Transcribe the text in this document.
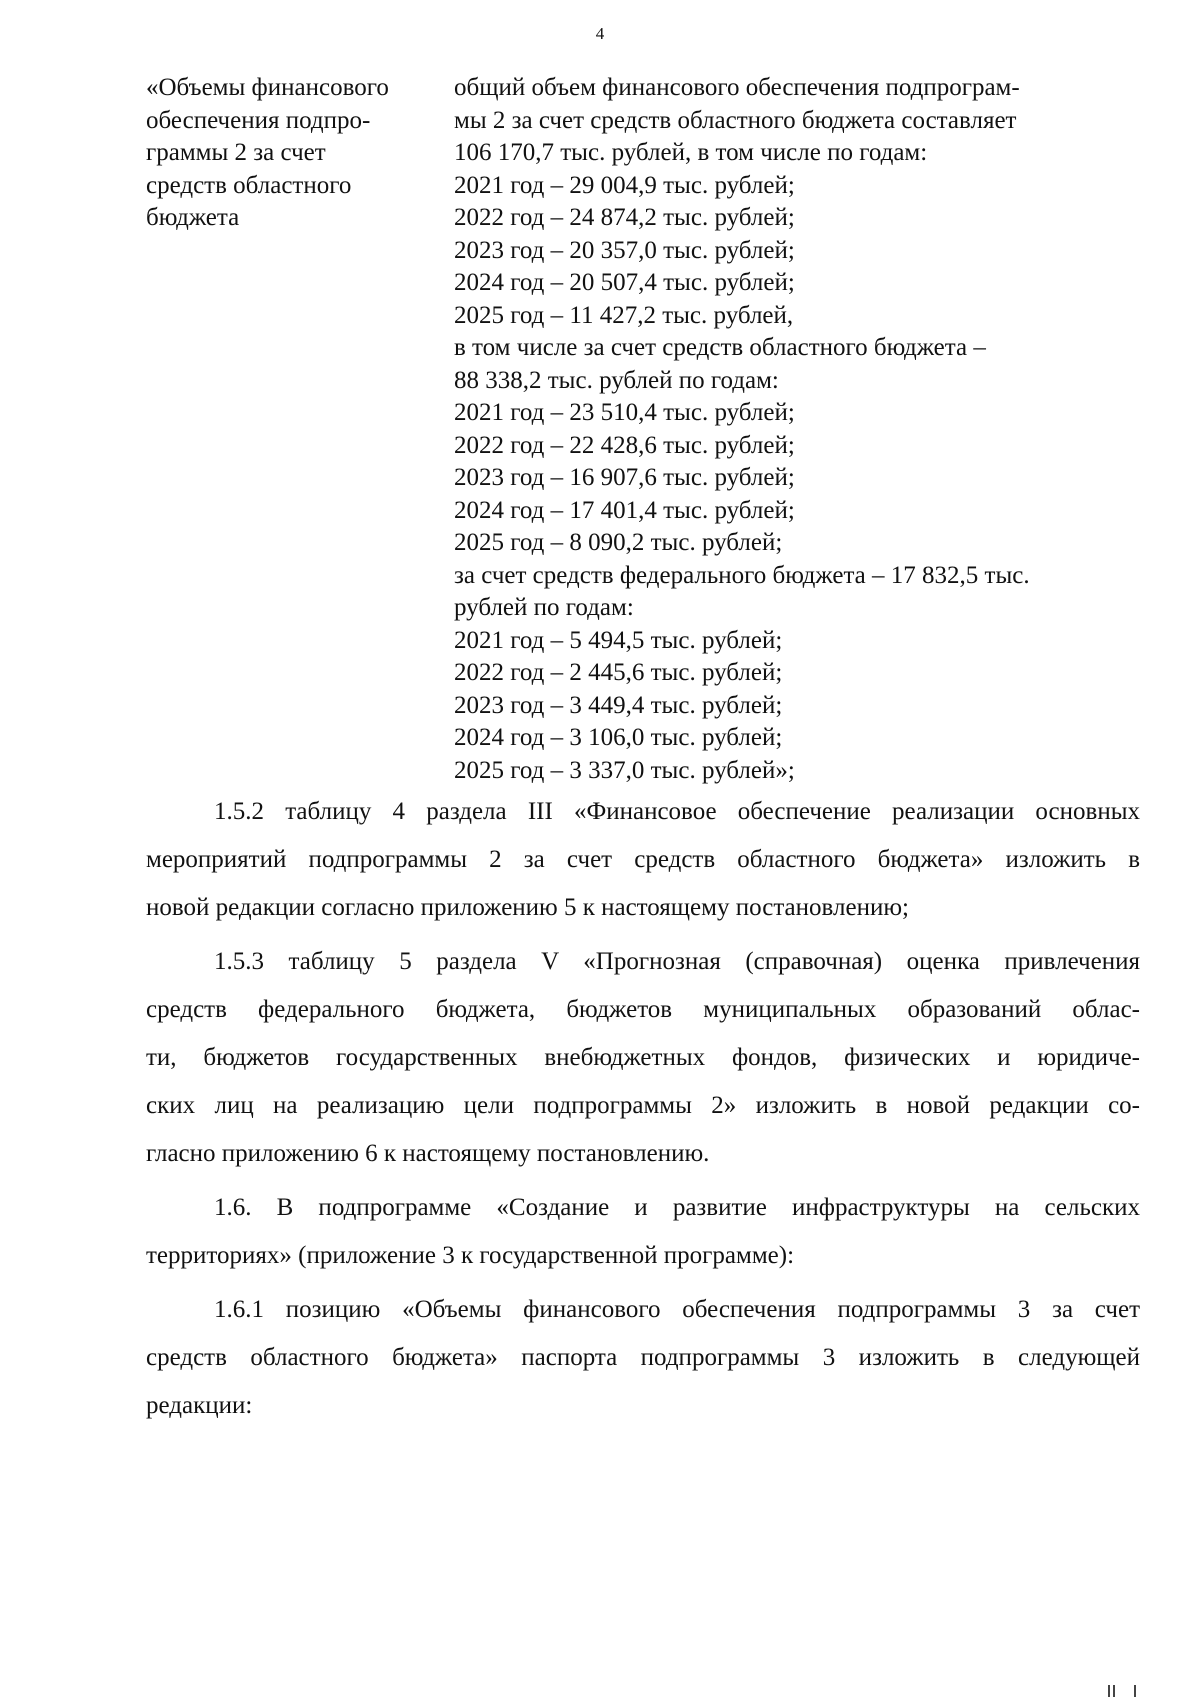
4
«Объемы финансового
обеспечения подпро-
граммы 2 за счет
средств областного
бюджета
общий объем финансового обеспечения подпрограм-
мы 2 за счет средств областного бюджета составляет
106 170,7 тыс. рублей, в том числе по годам:
2021 год – 29 004,9 тыс. рублей;
2022 год – 24 874,2 тыс. рублей;
2023 год – 20 357,0 тыс. рублей;
2024 год – 20 507,4 тыс. рублей;
2025 год – 11 427,2 тыс. рублей,
в том числе за счет средств областного бюджета –
88 338,2 тыс. рублей по годам:
2021 год – 23 510,4 тыс. рублей;
2022 год – 22 428,6 тыс. рублей;
2023 год – 16 907,6 тыс. рублей;
2024 год – 17 401,4 тыс. рублей;
2025 год – 8 090,2 тыс. рублей;
за счет средств федерального бюджета – 17 832,5 тыс.
рублей по годам:
2021 год – 5 494,5 тыс. рублей;
2022 год – 2 445,6 тыс. рублей;
2023 год – 3 449,4 тыс. рублей;
2024 год – 3 106,0 тыс. рублей;
2025 год – 3 337,0 тыс. рублей»;
1.5.2 таблицу 4 раздела III «Финансовое обеспечение реализации основных
мероприятий подпрограммы 2 за счет средств областного бюджета» изложить в
новой редакции согласно приложению 5 к настоящему постановлению;
1.5.3 таблицу 5 раздела V «Прогнозная (справочная) оценка привлечения
средств федерального бюджета, бюджетов муниципальных образований облас-
ти, бюджетов государственных внебюджетных фондов, физических и юридиче-
ских лиц на реализацию цели подпрограммы 2» изложить в новой редакции со-
гласно приложению 6 к настоящему постановлению.
1.6. В подпрограмме «Создание и развитие инфраструктуры на сельских
территориях» (приложение 3 к государственной программе):
1.6.1 позицию «Объемы финансового обеспечения подпрограммы 3 за счет
средств областного бюджета» паспорта подпрограммы 3 изложить в следующей
редакции:
